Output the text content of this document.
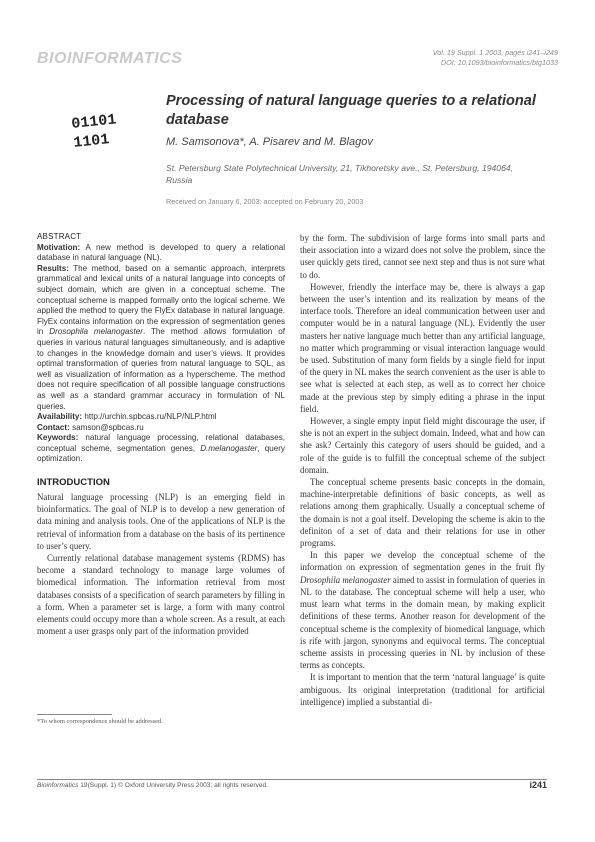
BIOINFORMATICS	Vol. 19 Suppl. 1 2003, pages i241–i249
DOI: 10.1093/bioinformatics/btg1033
01101
1101
Processing of natural language queries to a relational database
M. Samsonova*, A. Pisarev and M. Blagov
St. Petersburg State Polytechnical University, 21, Tikhoretsky ave., St. Petersburg, 194064, Russia
Received on January 6, 2003; accepted on February 20, 2003
ABSTRACT

Motivation: A new method is developed to query a relational database in natural language (NL).

Results: The method, based on a semantic approach, interprets grammatical and lexical units of a natural language into concepts of subject domain, which are given in a conceptual scheme. The conceptual scheme is mapped formally onto the logical scheme. We applied the method to query the FlyEx database in natural language. FlyEx contains information on the expression of segmentation genes in Drosophila melanogaster. The method allows formulation of queries in various natural languages simultaneously, and is adaptive to changes in the knowledge domain and user’s views. It provides optimal transformation of queries from natural language to SQL, as well as visualization of information as a hyperscheme. The method does not require specification of all possible language constructions as well as a standard grammar accuracy in formulation of NL queries.

Availability: http://urchin.spbcas.ru/NLP/NLP.html

Contact: samson@spbcas.ru

Keywords: natural language processing, relational databases, conceptual scheme, segmentation genes, D.melanogaster, query optimization.

INTRODUCTION

Natural language processing (NLP) is an emerging field in bioinformatics. The goal of NLP is to develop a new generation of data mining and analysis tools. One of the applications of NLP is the retrieval of information from a database on the basis of its pertinence to user’s query.

Currently relational database management systems (RDMS) has become a standard technology to manage large volumes of biomedical information. The information retrieval from most databases consists of a specification of search parameters by filling in a form. When a parameter set is large, a form with many control elements could occupy more than a whole screen. As a result, at each moment a user grasps only part of the information provided

by the form. The subdivision of large forms into small parts and their association into a wizard does not solve the problem, since the user quickly gets tired, cannot see next step and thus is not sure what to do.

However, friendly the interface may be, there is always a gap between the user’s intention and its realization by means of the interface tools. Therefore an ideal communication between user and computer would be in a natural language (NL). Evidently the user masters her native language much better than any artificial language, no matter which programming or visual interaction language would be used. Substitution of many form fields by a single field for input of the query in NL makes the search convenient as the user is able to see what is selected at each step, as well as to correct her choice made at the previous step by simply editing a phrase in the input field.

However, a single empty input field might discourage the user, if she is not an expert in the subject domain. Indeed, what and how can she ask? Certainly this category of users should be guided, and a role of the guide is to fulfill the conceptual scheme of the subject domain.

The conceptual scheme presents basic concepts in the domain, machine-interpretable definitions of basic concepts, as well as relations among them graphically. Usually a conceptual scheme of the domain is not a goal itself. Developing the scheme is akin to the definiton of a set of data and their relations for use in other programs.

In this paper we develop the conceptual scheme of the information on expression of segmentation genes in the fruit fly Drosophila melanogaster aimed to assist in formulation of queries in NL to the database. The conceptual scheme will help a user, who must learn what terms in the domain mean, by making explicit definitions of these terms. Another reason for development of the conceptual scheme is the complexity of biomedical language, which is rife with jargon, synonyms and equivocal terms. The conceptual scheme assists in processing queries in NL by inclusion of these terms as concepts.

It is important to mention that the term ‘natural language’ is quite ambiguous. Its original interpretation (traditional for artificial intelligence) implied a substantial di-

*To whom correspondence should be addressed.
Bioinformatics 19(Suppl. 1) © Oxford University Press 2003; all rights reserved.	i241
